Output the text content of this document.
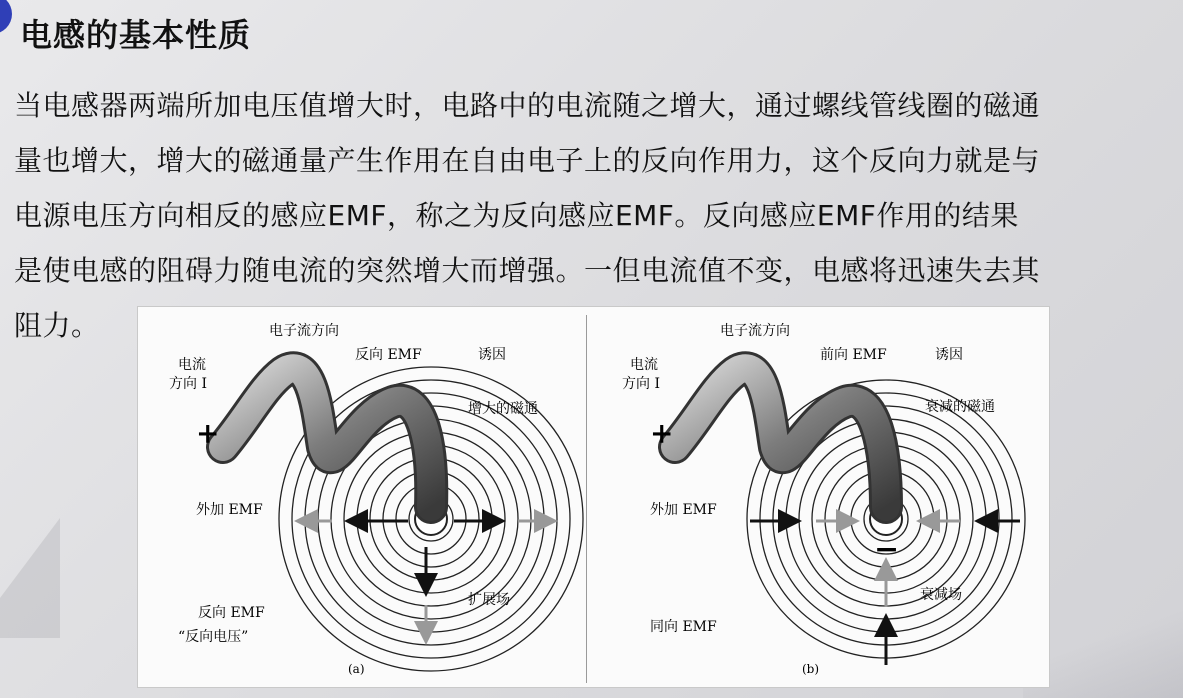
电感的基本性质

当电感器两端所加电压值增大时，电路中的电流随之增大，通过螺线管线圈的磁通

量也增大，增大的磁通量产生作用在自由电子上的反向作用力，这个反向力就是与

电源电压方向相反的感应EMF，称之为反向感应EMF。反向感应EMF作用的结果

是使电感的阻碍力随电流的突然增大而增强。一但电流值不变，电感将迅速失去其

阻力。	电子流方向
电流
方向 I
+
反向 EMF	诱因
增大的磁通
外加 EMF
扩展场
反向 EMF
“反向电压”
(a)
电子流方向
电流
方向 I
+
前向 EMF	诱因
衰减的磁通
外加 EMF
−
衰减场
同向 EMF
(b)
